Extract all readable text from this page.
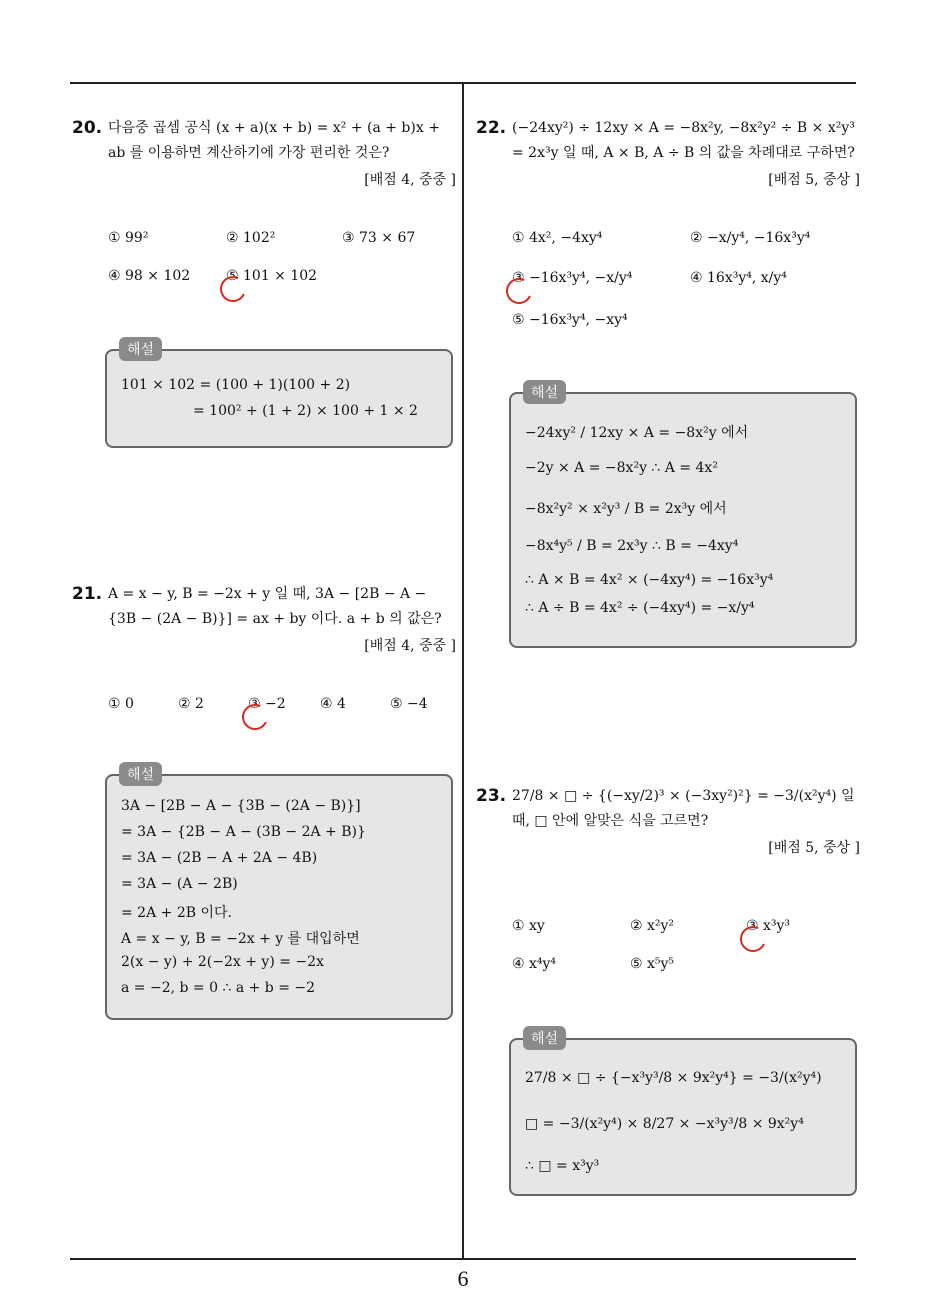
20. 다음중 곱셈 공식 (x + a)(x + b) = x² + (a + b)x + ab 를 이용하면 계산하기에 가장 편리한 것은?
[배점 4, 중중 ]
① 99²	② 102²	③ 73 × 67
④ 98 × 102	⑤ 101 × 102
해설
101 × 102 = (100 + 1)(100 + 2)
= 100² + (1 + 2) × 100 + 1 × 2
21. A = x − y, B = −2x + y 일 때, 3A − [2B − A − {3B − (2A − B)}] = ax + by 이다. a + b 의 값은?
[배점 4, 중중 ]
① 0	② 2	③ −2 ④ 4	⑤ −4
해설
3A − [2B − A − {3B − (2A − B)}]
= 3A − {2B − A − (3B − 2A + B)}
= 3A − (2B − A + 2A − 4B)
= 3A − (A − 2B)
= 2A + 2B 이다.
A = x − y, B = −2x + y 를 대입하면
2(x − y) + 2(−2x + y) = −2x
a = −2, b = 0 ∴ a + b = −2
22. (−24xy²) ÷ 12xy × A = −8x²y, −8x²y² ÷ B × x²y³ = 2x³y 일 때, A × B, A ÷ B 의 값을 차례대로 구하면?
[배점 5, 중상 ]
① 4x², −4xy⁴	② −x/y⁴, −16x³y⁴
③ −16x³y⁴, −x/y⁴	④ 16x³y⁴, x/y⁴
⑤ −16x³y⁴, −xy⁴
해설
−24xy² / 12xy × A = −8x²y 에서
−2y × A = −8x²y ∴ A = 4x²
−8x²y² × x²y³ / B = 2x³y 에서
−8x⁴y⁵ / B = 2x³y ∴ B = −4xy⁴
∴ A × B = 4x² × (−4xy⁴) = −16x³y⁴
∴ A ÷ B = 4x² ÷ (−4xy⁴) = −x/y⁴
23. 27/8 × □ ÷ {(−xy/2)³ × (−3xy²)²} = −3/(x²y⁴) 일 때, □ 안에 알맞은 식을 고르면?
[배점 5, 중상 ]
① xy	② x²y²	③ x³y³
④ x⁴y⁴	⑤ x⁵y⁵
해설
27/8 × □ ÷ {−x³y³/8 × 9x²y⁴} = −3/(x²y⁴)
□ = −3/(x²y⁴) × 8/27 × −x³y³/8 × 9x²y⁴
∴ □ = x³y³
6
